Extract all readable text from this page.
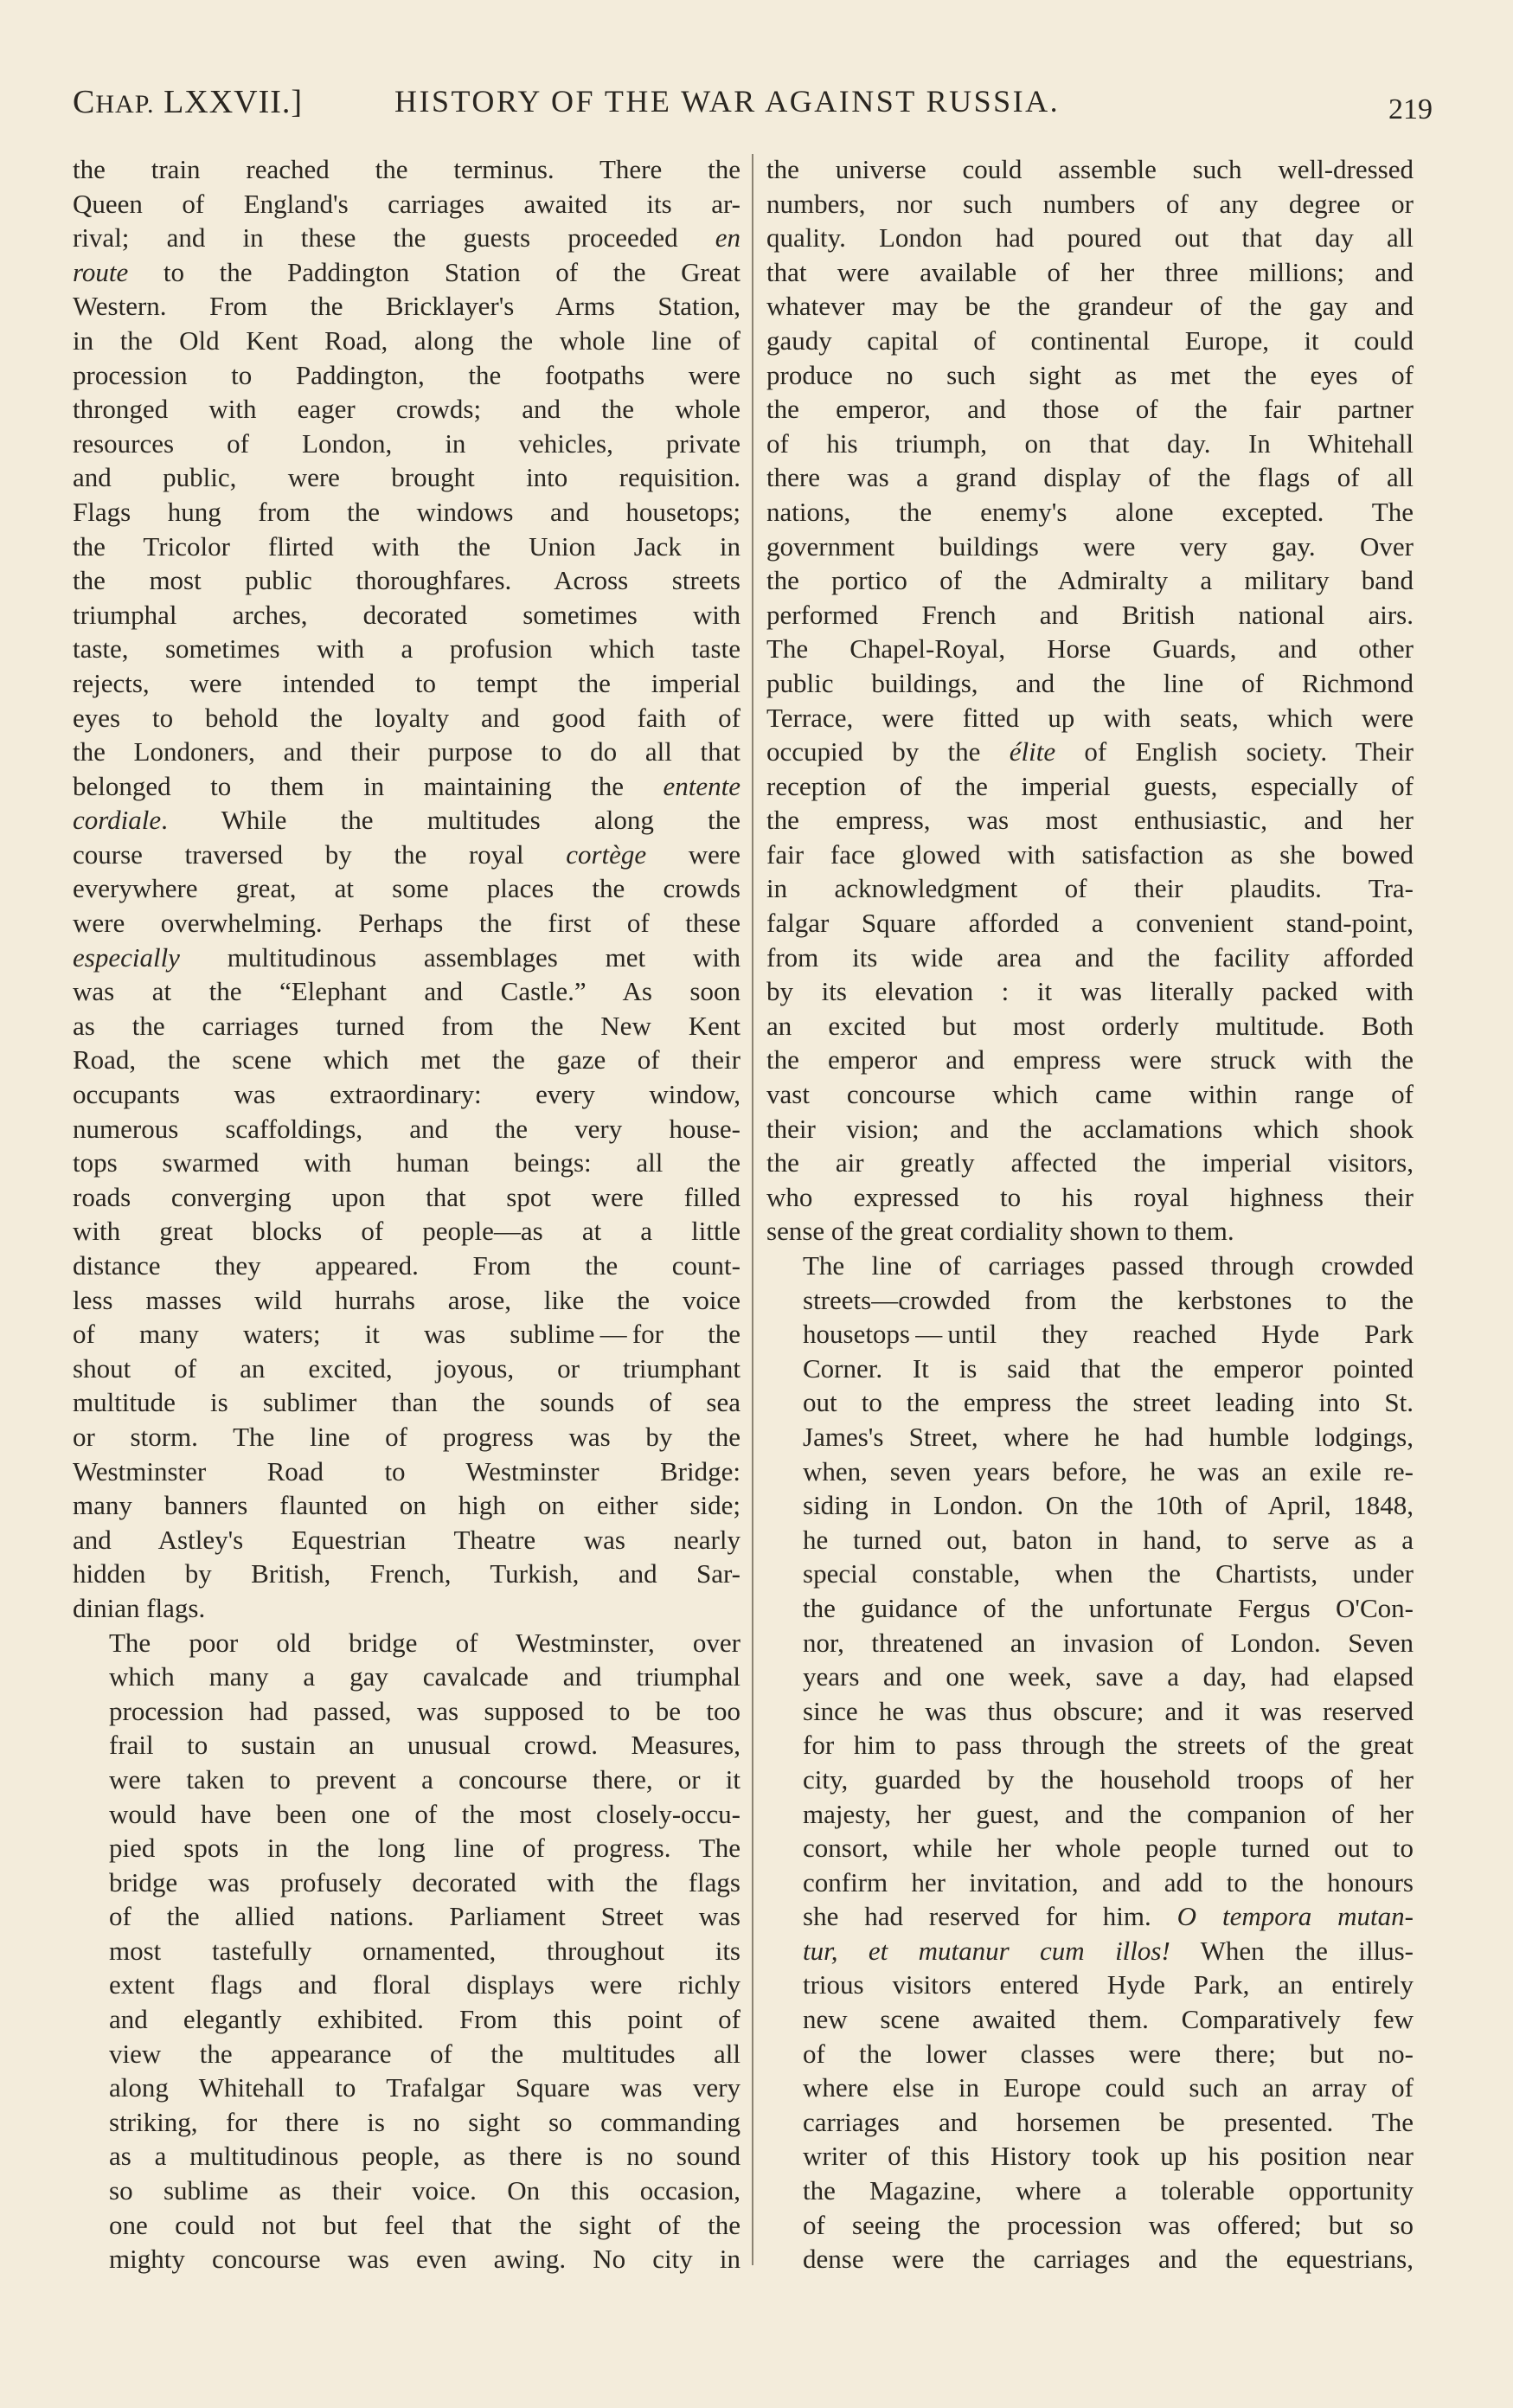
CHAP. LXXVII.]	HISTORY OF THE WAR AGAINST RUSSIA.	219

the train reached the terminus. There the
Queen of England's carriages awaited its ar-
rival; and in these the guests proceeded en
route to the Paddington Station of the Great
Western. From the Bricklayer's Arms Station,
in the Old Kent Road, along the whole line of
procession to Paddington, the footpaths were
thronged with eager crowds; and the whole
resources of London, in vehicles, private
and public, were brought into requisition.
Flags hung from the windows and housetops;
the Tricolor flirted with the Union Jack in
the most public thoroughfares. Across streets
triumphal arches, decorated sometimes with
taste, sometimes with a profusion which taste
rejects, were intended to tempt the imperial
eyes to behold the loyalty and good faith of
the Londoners, and their purpose to do all that
belonged to them in maintaining the entente
cordiale. While the multitudes along the
course traversed by the royal cortège were
everywhere great, at some places the crowds
were overwhelming. Perhaps the first of these
especially multitudinous assemblages met with
was at the “Elephant and Castle.” As soon
as the carriages turned from the New Kent
Road, the scene which met the gaze of their
occupants was extraordinary: every window,
numerous scaffoldings, and the very house-
tops swarmed with human beings: all the
roads converging upon that spot were filled
with great blocks of people—as at a little
distance they appeared. From the count-
less masses wild hurrahs arose, like the voice
of many waters; it was sublime — for the
shout of an excited, joyous, or triumphant
multitude is sublimer than the sounds of sea
or storm. The line of progress was by the
Westminster Road to Westminster Bridge:
many banners flaunted on high on either side;
and Astley's Equestrian Theatre was nearly
hidden by British, French, Turkish, and Sar-
dinian flags.

The poor old bridge of Westminster, over
which many a gay cavalcade and triumphal
procession had passed, was supposed to be too
frail to sustain an unusual crowd. Measures,
were taken to prevent a concourse there, or it
would have been one of the most closely-occu-
pied spots in the long line of progress. The
bridge was profusely decorated with the flags
of the allied nations. Parliament Street was
most tastefully ornamented, throughout its
extent flags and floral displays were richly
and elegantly exhibited. From this point of
view the appearance of the multitudes all
along Whitehall to Trafalgar Square was very
striking, for there is no sight so commanding
as a multitudinous people, as there is no sound
so sublime as their voice. On this occasion,
one could not but feel that the sight of the
mighty concourse was even awing. No city in

the universe could assemble such well-dressed
numbers, nor such numbers of any degree or
quality. London had poured out that day all
that were available of her three millions; and
whatever may be the grandeur of the gay and
gaudy capital of continental Europe, it could
produce no such sight as met the eyes of
the emperor, and those of the fair partner
of his triumph, on that day. In Whitehall
there was a grand display of the flags of all
nations, the enemy's alone excepted. The
government buildings were very gay. Over
the portico of the Admiralty a military band
performed French and British national airs.
The Chapel-Royal, Horse Guards, and other
public buildings, and the line of Richmond
Terrace, were fitted up with seats, which were
occupied by the élite of English society. Their
reception of the imperial guests, especially of
the empress, was most enthusiastic, and her
fair face glowed with satisfaction as she bowed
in acknowledgment of their plaudits. Tra-
falgar Square afforded a convenient stand-point,
from its wide area and the facility afforded
by its elevation : it was literally packed with
an excited but most orderly multitude. Both
the emperor and empress were struck with the
vast concourse which came within range of
their vision; and the acclamations which shook
the air greatly affected the imperial visitors,
who expressed to his royal highness their
sense of the great cordiality shown to them.

The line of carriages passed through crowded
streets—crowded from the kerbstones to the
housetops — until they reached Hyde Park
Corner. It is said that the emperor pointed
out to the empress the street leading into St.
James's Street, where he had humble lodgings,
when, seven years before, he was an exile re-
siding in London. On the 10th of April, 1848,
he turned out, baton in hand, to serve as a
special constable, when the Chartists, under
the guidance of the unfortunate Fergus O'Con-
nor, threatened an invasion of London. Seven
years and one week, save a day, had elapsed
since he was thus obscure; and it was reserved
for him to pass through the streets of the great
city, guarded by the household troops of her
majesty, her guest, and the companion of her
consort, while her whole people turned out to
confirm her invitation, and add to the honours
she had reserved for him. O tempora mutan-
tur, et mutanur cum illos! When the illus-
trious visitors entered Hyde Park, an entirely
new scene awaited them. Comparatively few
of the lower classes were there; but no-
where else in Europe could such an array of
carriages and horsemen be presented. The
writer of this History took up his position near
the Magazine, where a tolerable opportunity
of seeing the procession was offered; but so
dense were the carriages and the equestrians,
